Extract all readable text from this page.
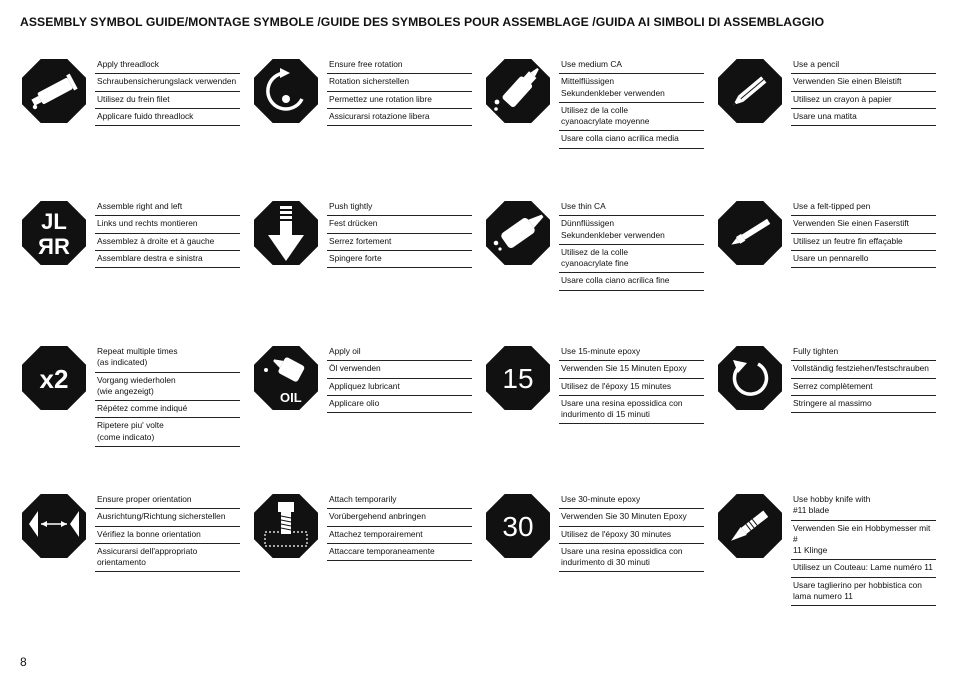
ASSEMBLY SYMBOL GUIDE/MONTAGE SYMBOLE /GUIDE DES SYMBOLES POUR ASSEMBLAGE /GUIDA AI SIMBOLI DI ASSEMBLAGGIO
Apply threadlock
Schraubensicherungslack verwenden
Utilisez du frein filet
Applicare fuido threadlock
Ensure free rotation
Rotation sicherstellen
Permettez une rotation libre
Assicurarsi rotazione libera
Use medium CA
Mittelflüssigen
Sekundenkleber verwenden
Utilisez de la colle
cyanoacrylate moyenne
Usare colla ciano acrilica media
Use a pencil
Verwenden Sie einen Bleistift
Utilisez un crayon à papier
Usare una matita
JL
ЯR
Assemble right and left
Links und rechts montieren
Assemblez à droite et à gauche
Assemblare destra e sinistra
Push tightly
Fest drücken
Serrez fortement
Spingere forte
Use thin CA
Dünnflüssigen
Sekundenkleber verwenden
Utilisez de la colle
cyanoacrylate fine
Usare colla ciano acrilica fine
Use a felt-tipped pen
Verwenden Sie einen Faserstift
Utilisez un feutre fin effaçable
Usare un pennarello
x2
Repeat multiple times
(as indicated)
Vorgang wiederholen
(wie angezeigt)
Répétez comme indiqué
Ripetere piu' volte
(come indicato)
OIL
Apply oil
Öl verwenden
Appliquez lubricant
Applicare olio
15
Use 15-minute epoxy
Verwenden Sie 15 Minuten Epoxy
Utilisez de l'époxy 15 minutes
Usare una resina epossidica con
indurimento di 15 minuti
Fully tighten
Vollständig festziehen/festschrauben
Serrez complètement
Stringere al massimo
Ensure proper orientation
Ausrichtung/Richtung sicherstellen
Vérifiez la bonne orientation
Assicurarsi dell'appropriato
orientamento
Attach temporarily
Vorübergehend anbringen
Attachez temporairement
Attaccare temporaneamente
30
Use 30-minute epoxy
Verwenden Sie 30 Minuten Epoxy
Utilisez de l'époxy 30 minutes
Usare una resina epossidica con
indurimento di 30 minuti
Use hobby knife with
#11 blade
Verwenden Sie ein Hobbymesser mit #
11 Klinge
Utilisez un Couteau: Lame numéro 11
Usare taglierino per hobbistica con
lama numero 11
8
